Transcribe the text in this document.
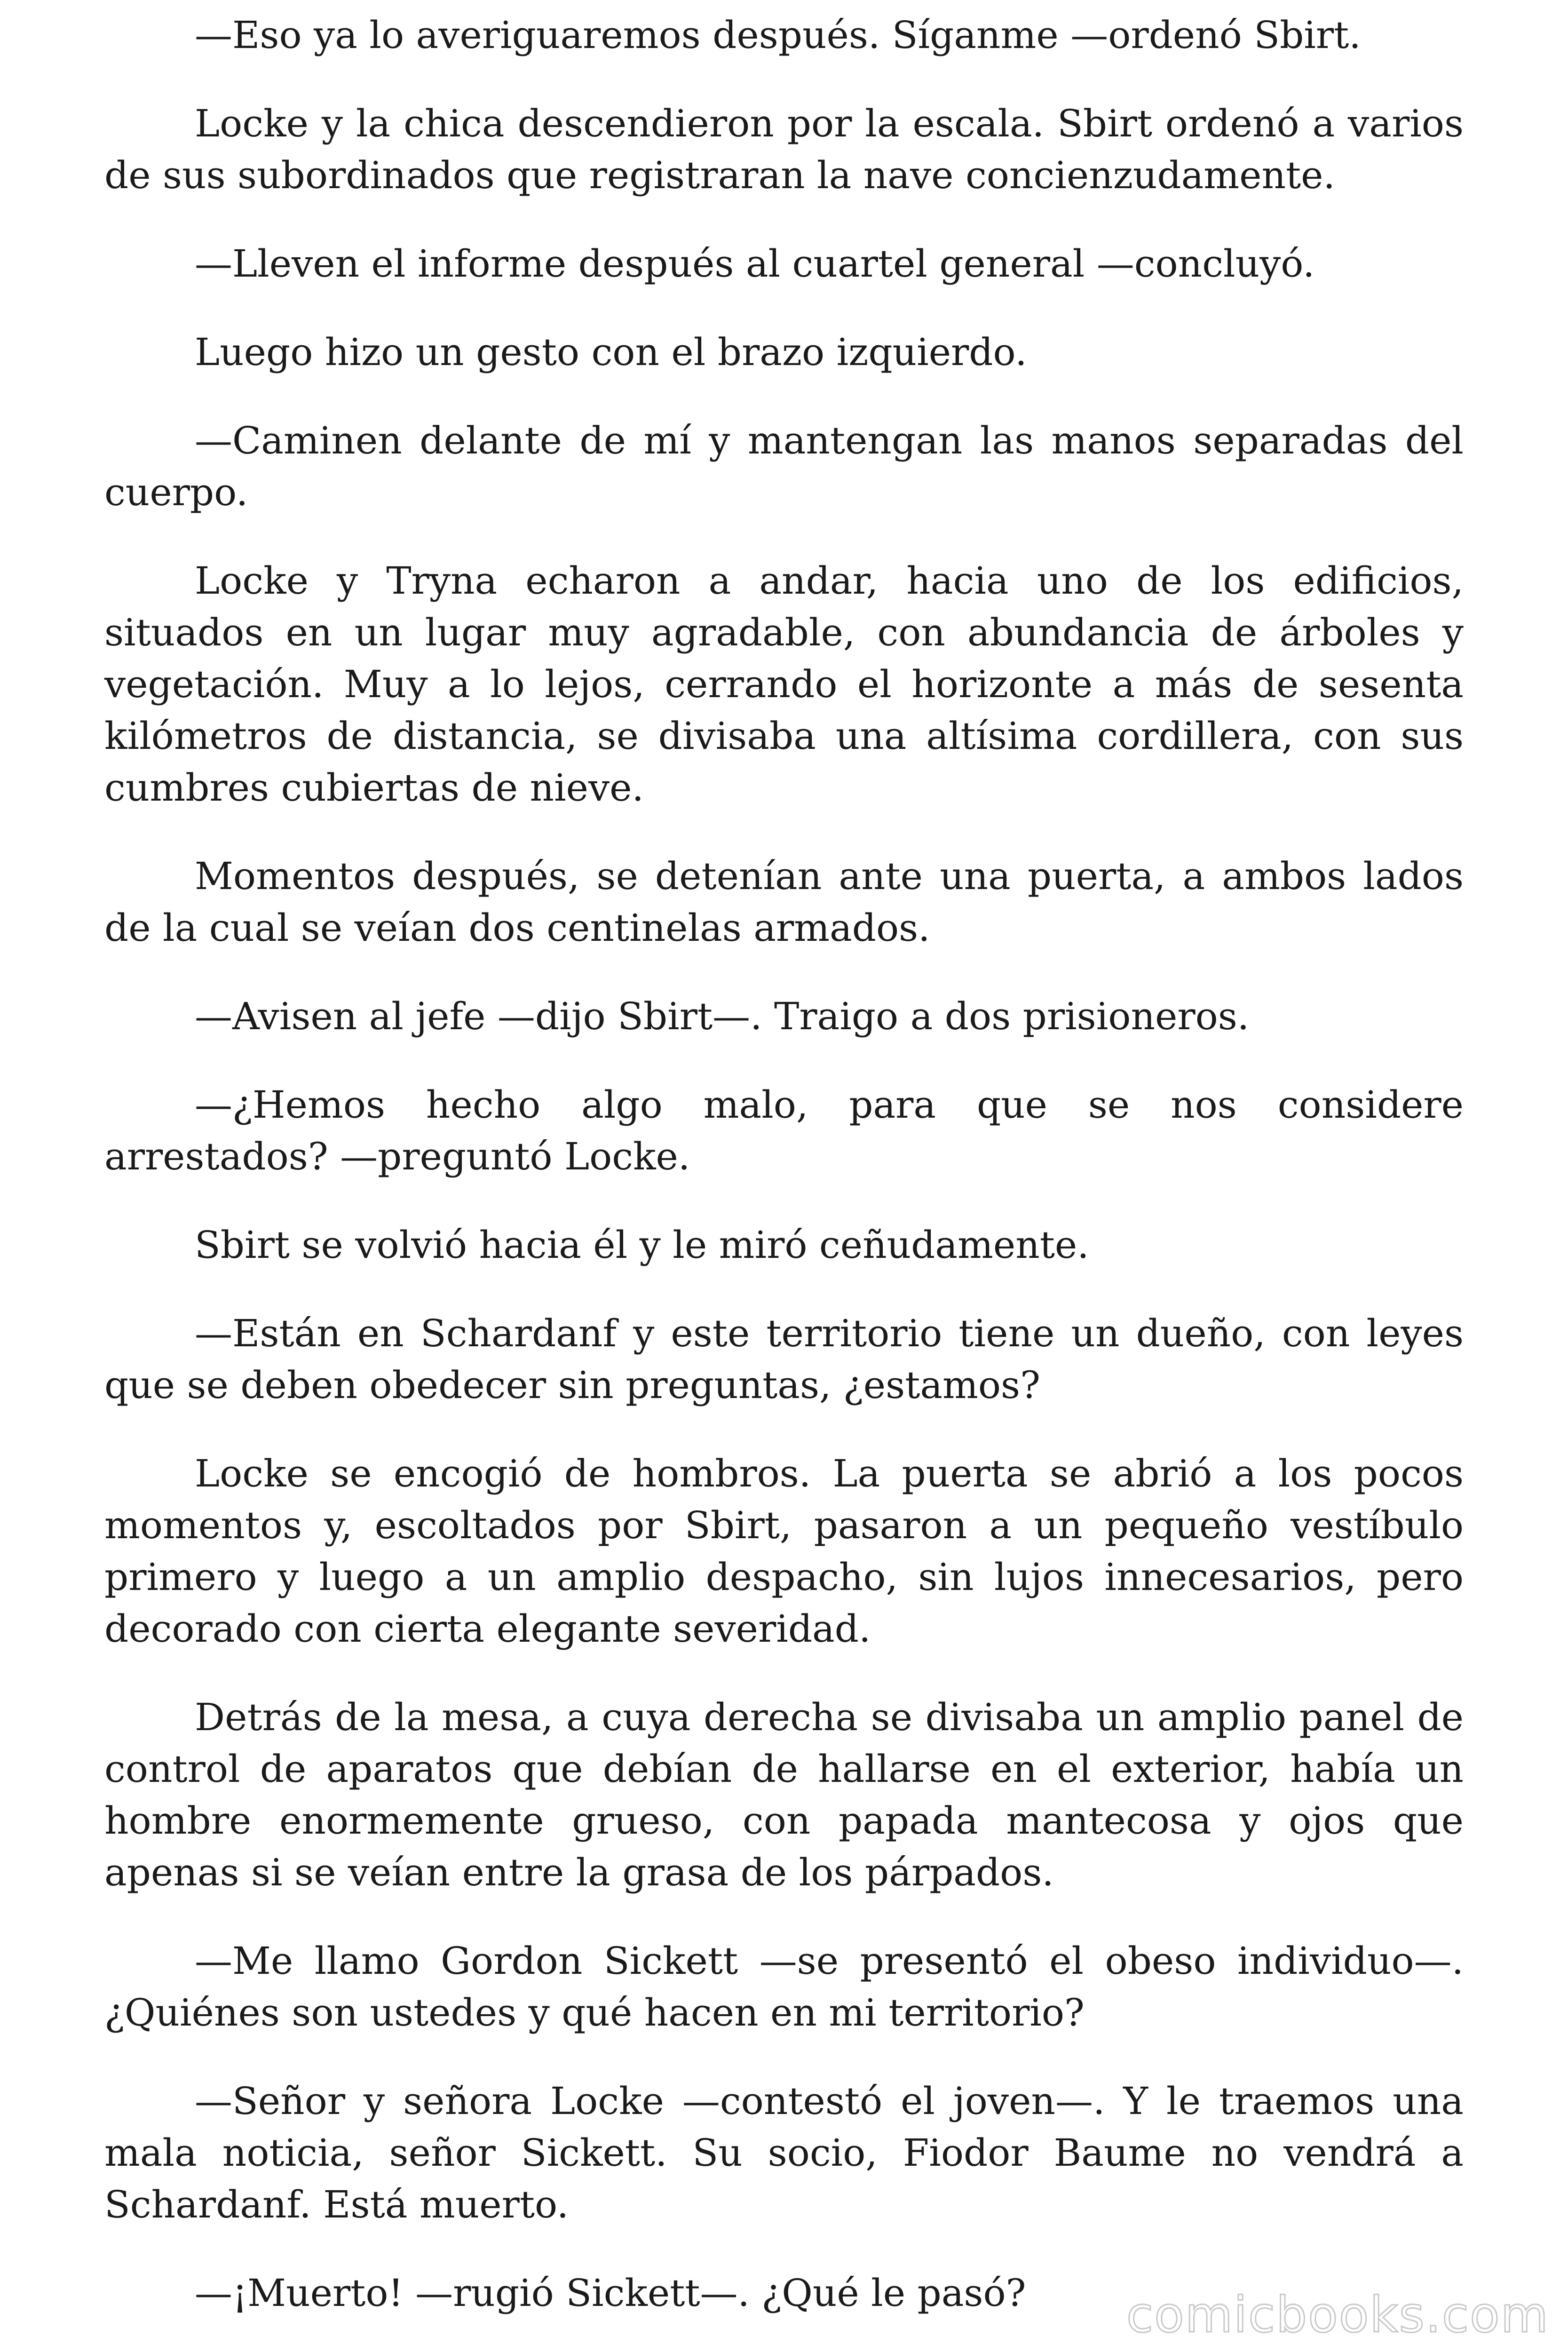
—Eso ya lo averiguaremos después. Síganme —ordenó Sbirt.

Locke y la chica descendieron por la escala. Sbirt ordenó a varios de sus subordinados que registraran la nave concienzudamente.

—Lleven el informe después al cuartel general —concluyó.

Luego hizo un gesto con el brazo izquierdo.

—Caminen delante de mí y mantengan las manos separadas del cuerpo.

Locke y Tryna echaron a andar, hacia uno de los edificios, situados en un lugar muy agradable, con abundancia de árboles y vegetación. Muy a lo lejos, cerrando el horizonte a más de sesenta kilómetros de distancia, se divisaba una altísima cordillera, con sus cumbres cubiertas de nieve.

Momentos después, se detenían ante una puerta, a ambos lados de la cual se veían dos centinelas armados.

—Avisen al jefe —dijo Sbirt—. Traigo a dos prisioneros.

—¿Hemos hecho algo malo, para que se nos considere arrestados? —preguntó Locke.

Sbirt se volvió hacia él y le miró ceñudamente.

—Están en Schardanf y este territorio tiene un dueño, con leyes que se deben obedecer sin preguntas, ¿estamos?

Locke se encogió de hombros. La puerta se abrió a los pocos momentos y, escoltados por Sbirt, pasaron a un pequeño vestíbulo primero y luego a un amplio despacho, sin lujos innecesarios, pero decorado con cierta elegante severidad.

Detrás de la mesa, a cuya derecha se divisaba un amplio panel de control de aparatos que debían de hallarse en el exterior, había un hombre enormemente grueso, con papada mantecosa y ojos que apenas si se veían entre la grasa de los párpados.

—Me llamo Gordon Sickett —se presentó el obeso individuo—. ¿Quiénes son ustedes y qué hacen en mi territorio?

—Señor y señora Locke —contestó el joven—. Y le traemos una mala noticia, señor Sickett. Su socio, Fiodor Baume no vendrá a Schardanf. Está muerto.

—¡Muerto! —rugió Sickett—. ¿Qué le pasó?	comicbooks.com
